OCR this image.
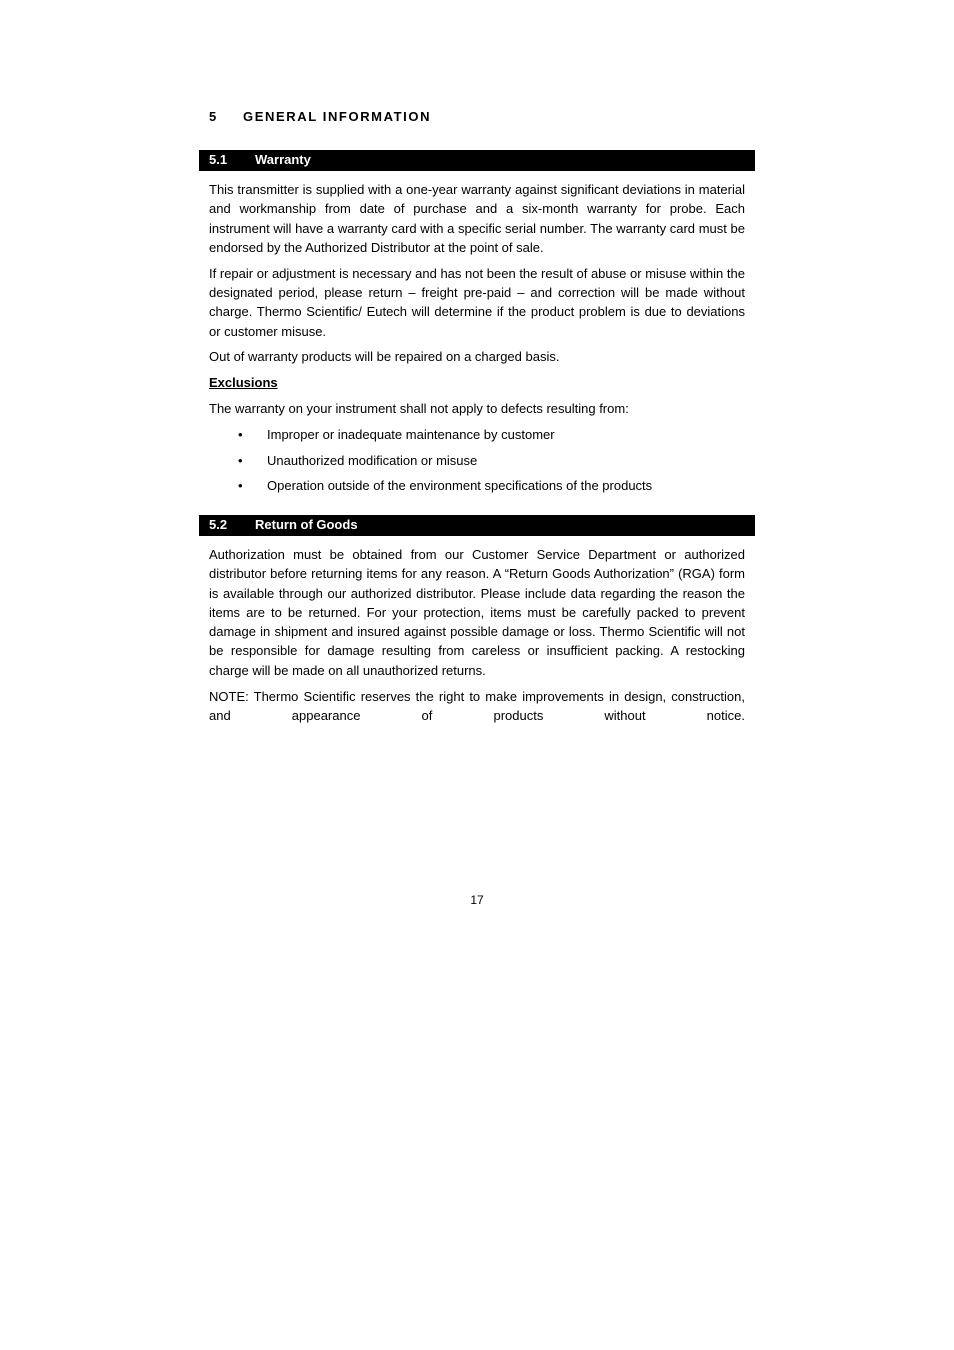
5 GENERAL INFORMATION
5.1 Warranty

This transmitter is supplied with a one-year warranty against significant deviations in material and workmanship from date of purchase and a six-month warranty for probe. Each instrument will have a warranty card with a specific serial number. The warranty card must be endorsed by the Authorized Distributor at the point of sale.

If repair or adjustment is necessary and has not been the result of abuse or misuse within the designated period, please return – freight pre-paid – and correction will be made without charge. Thermo Scientific/ Eutech will determine if the product problem is due to deviations or customer misuse.

Out of warranty products will be repaired on a charged basis.

Exclusions

The warranty on your instrument shall not apply to defects resulting from:

• Improper or inadequate maintenance by customer
• Unauthorized modification or misuse
• Operation outside of the environment specifications of the products
5.2 Return of Goods

Authorization must be obtained from our Customer Service Department or authorized distributor before returning items for any reason. A “Return Goods Authorization” (RGA) form is available through our authorized distributor. Please include data regarding the reason the items are to be returned. For your protection, items must be carefully packed to prevent damage in shipment and insured against possible damage or loss. Thermo Scientific will not be responsible for damage resulting from careless or insufficient packing. A restocking charge will be made on all unauthorized returns.

NOTE: Thermo Scientific reserves the right to make improvements in design, construction, and appearance of products without notice.

17
